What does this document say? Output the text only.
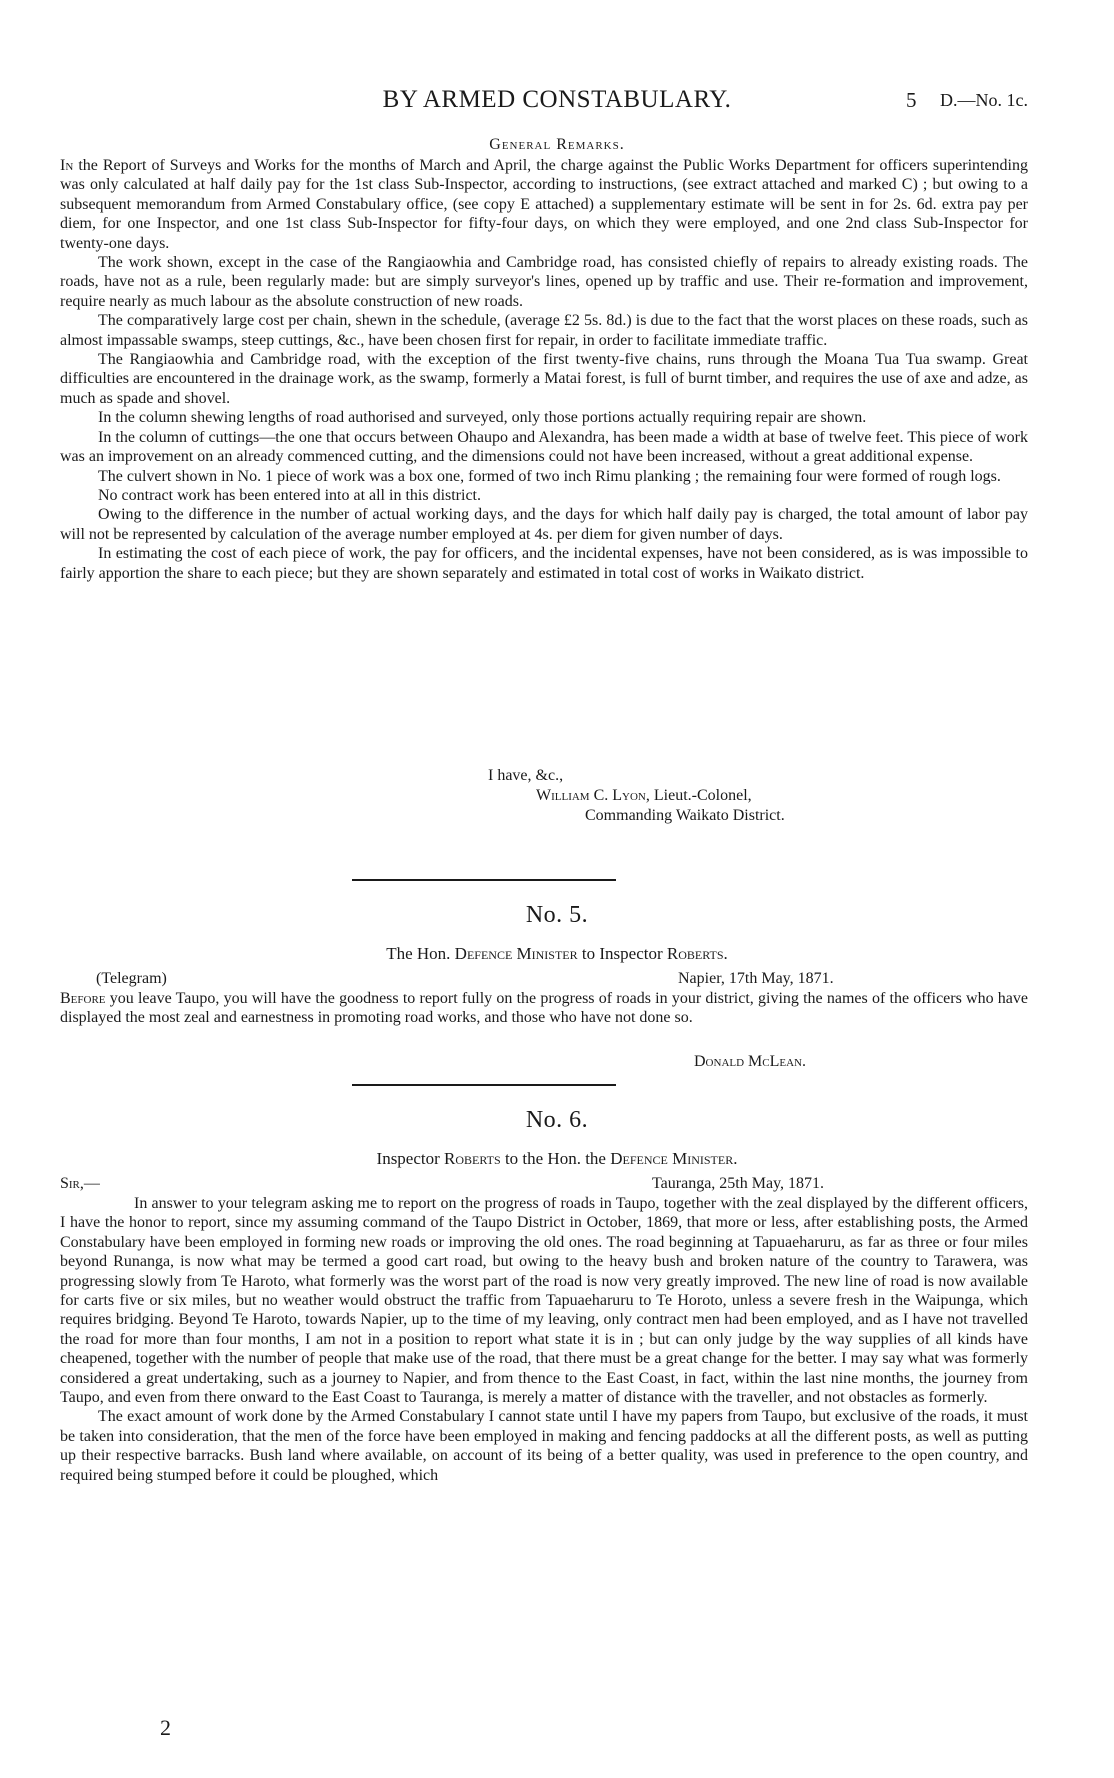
BY ARMED CONSTABULARY.	5 D.—No. 1c.
General Remarks.

In the Report of Surveys and Works for the months of March and April, the charge against the Public Works Department for officers superintending was only calculated at half daily pay for the 1st class Sub-Inspector, according to instructions, (see extract attached and marked C) ; but owing to a subsequent memorandum from Armed Constabulary office, (see copy E attached) a supplementary estimate will be sent in for 2s. 6d. extra pay per diem, for one Inspector, and one 1st class Sub-Inspector for fifty-four days, on which they were employed, and one 2nd class Sub-Inspector for twenty-one days.

The work shown, except in the case of the Rangiaowhia and Cambridge road, has consisted chiefly of repairs to already existing roads. The roads, have not as a rule, been regularly made: but are simply surveyor's lines, opened up by traffic and use. Their re-formation and improvement, require nearly as much labour as the absolute construction of new roads.

The comparatively large cost per chain, shewn in the schedule, (average £2 5s. 8d.) is due to the fact that the worst places on these roads, such as almost impassable swamps, steep cuttings, &c., have been chosen first for repair, in order to facilitate immediate traffic.

The Rangiaowhia and Cambridge road, with the exception of the first twenty-five chains, runs through the Moana Tua Tua swamp. Great difficulties are encountered in the drainage work, as the swamp, formerly a Matai forest, is full of burnt timber, and requires the use of axe and adze, as much as spade and shovel.

In the column shewing lengths of road authorised and surveyed, only those portions actually requiring repair are shown.

In the column of cuttings—the one that occurs between Ohaupo and Alexandra, has been made a width at base of twelve feet. This piece of work was an improvement on an already commenced cutting, and the dimensions could not have been increased, without a great additional expense.

The culvert shown in No. 1 piece of work was a box one, formed of two inch Rimu planking ; the remaining four were formed of rough logs.

No contract work has been entered into at all in this district.

Owing to the difference in the number of actual working days, and the days for which half daily pay is charged, the total amount of labor pay will not be represented by calculation of the average number employed at 4s. per diem for given number of days.

In estimating the cost of each piece of work, the pay for officers, and the incidental expenses, have not been considered, as is was impossible to fairly apportion the share to each piece; but they are shown separately and estimated in total cost of works in Waikato district.

I have, &c.,
William C. Lyon, Lieut.-Colonel,
Commanding Waikato District.
No. 5.
The Hon. Defence Minister to Inspector Roberts.
(Telegram)	Napier, 17th May, 1871.

Before you leave Taupo, you will have the goodness to report fully on the progress of roads in your district, giving the names of the officers who have displayed the most zeal and earnestness in promoting road works, and those who have not done so.

Donald McLean.
No. 6.
Inspector Roberts to the Hon. the Defence Minister.
Sir,—	Tauranga, 25th May, 1871.

In answer to your telegram asking me to report on the progress of roads in Taupo, together with the zeal displayed by the different officers, I have the honor to report, since my assuming command of the Taupo District in October, 1869, that more or less, after establishing posts, the Armed Constabulary have been employed in forming new roads or improving the old ones. The road beginning at Tapuaeharuru, as far as three or four miles beyond Runanga, is now what may be termed a good cart road, but owing to the heavy bush and broken nature of the country to Tarawera, was progressing slowly from Te Haroto, what formerly was the worst part of the road is now very greatly improved. The new line of road is now available for carts five or six miles, but no weather would obstruct the traffic from Tapuaeharuru to Te Horoto, unless a severe fresh in the Waipunga, which requires bridging. Beyond Te Haroto, towards Napier, up to the time of my leaving, only contract men had been employed, and as I have not travelled the road for more than four months, I am not in a position to report what state it is in ; but can only judge by the way supplies of all kinds have cheapened, together with the number of people that make use of the road, that there must be a great change for the better. I may say what was formerly considered a great undertaking, such as a journey to Napier, and from thence to the East Coast, in fact, within the last nine months, the journey from Taupo, and even from there onward to the East Coast to Tauranga, is merely a matter of distance with the traveller, and not obstacles as formerly.

The exact amount of work done by the Armed Constabulary I cannot state until I have my papers from Taupo, but exclusive of the roads, it must be taken into consideration, that the men of the force have been employed in making and fencing paddocks at all the different posts, as well as putting up their respective barracks. Bush land where available, on account of its being of a better quality, was used in preference to the open country, and required being stumped before it could be ploughed, which

2
